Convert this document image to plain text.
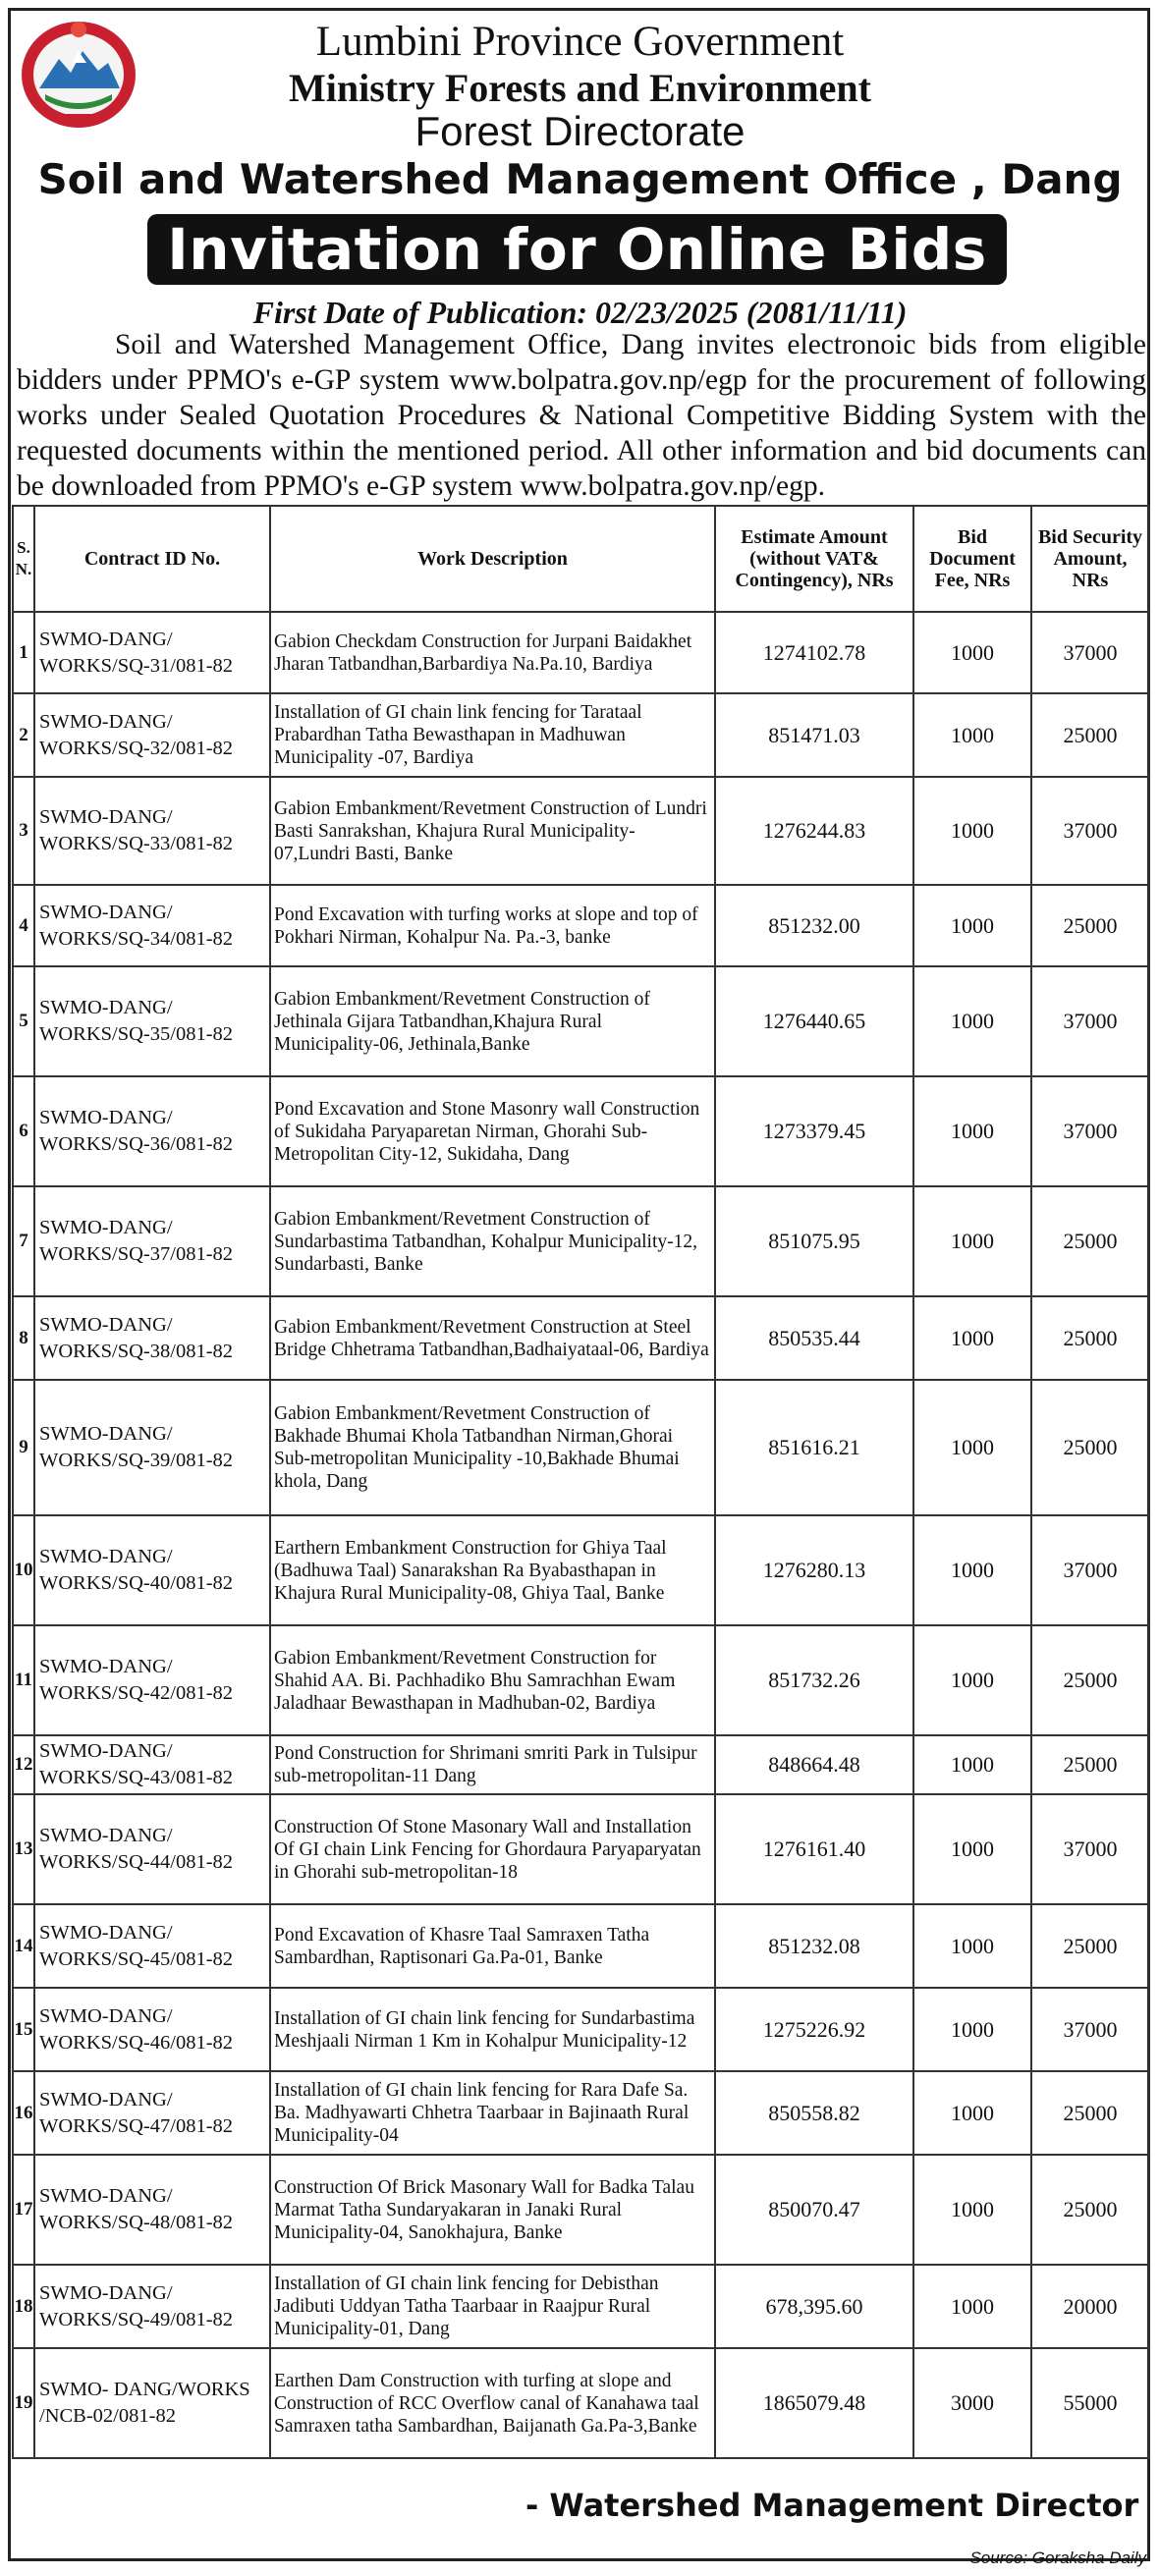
Lumbini Province Government
Ministry Forests and Environment
Forest Directorate
Soil and Watershed Management Office , Dang
Invitation for Online Bids
First Date of Publication: 02/23/2025 (2081/11/11)
Soil and Watershed Management Office, Dang invites electronoic bids from eligible bidders under PPMO's e-GP system www.bolpatra.gov.np/egp for the procurement of following works under Sealed Quotation Procedures & National Competitive Bidding System with the requested documents within the mentioned period. All other information and bid documents can be downloaded from PPMO's e-GP system www.bolpatra.gov.np/egp.
S. N.	Contract ID No.	Work Description	Estimate Amount (without VAT& Contingency), NRs	Bid Document Fee, NRs	Bid Security Amount, NRs
1	SWMO-DANG/ WORKS/SQ-31/081-82	Gabion Checkdam Construction for Jurpani Baidakhet Jharan Tatbandhan,Barbardiya Na.Pa.10, Bardiya	1274102.78	1000	37000
2	SWMO-DANG/ WORKS/SQ-32/081-82	Installation of GI chain link fencing for Tarataal Prabardhan Tatha Bewasthapan in Madhuwan Municipality -07, Bardiya	851471.03	1000	25000
3	SWMO-DANG/ WORKS/SQ-33/081-82	Gabion Embankment/Revetment Construction of Lundri Basti Sanrakshan, Khajura Rural Municipality-07,Lundri Basti, Banke	1276244.83	1000	37000
4	SWMO-DANG/ WORKS/SQ-34/081-82	Pond Excavation with turfing works at slope and top of Pokhari Nirman, Kohalpur Na. Pa.-3, banke	851232.00	1000	25000
5	SWMO-DANG/ WORKS/SQ-35/081-82	Gabion Embankment/Revetment Construction of Jethinala Gijara Tatbandhan,Khajura Rural Municipality-06, Jethinala,Banke	1276440.65	1000	37000
6	SWMO-DANG/ WORKS/SQ-36/081-82	Pond Excavation and Stone Masonry wall Construction of Sukidaha Paryaparetan Nirman, Ghorahi Sub-Metropolitan City-12, Sukidaha, Dang	1273379.45	1000	37000
7	SWMO-DANG/ WORKS/SQ-37/081-82	Gabion Embankment/Revetment Construction of Sundarbastima Tatbandhan, Kohalpur Municipality-12, Sundarbasti, Banke	851075.95	1000	25000
8	SWMO-DANG/ WORKS/SQ-38/081-82	Gabion Embankment/Revetment Construction at Steel Bridge Chhetrama Tatbandhan,Badhaiyataal-06, Bardiya	850535.44	1000	25000
9	SWMO-DANG/ WORKS/SQ-39/081-82	Gabion Embankment/Revetment Construction of Bakhade Bhumai Khola Tatbandhan Nirman,Ghorai Sub-metropolitan Municipality -10,Bakhade Bhumai khola, Dang	851616.21	1000	25000
10	SWMO-DANG/ WORKS/SQ-40/081-82	Earthern Embankment Construction for Ghiya Taal (Badhuwa Taal) Sanarakshan Ra Byabasthapan in Khajura Rural Municipality-08, Ghiya Taal, Banke	1276280.13	1000	37000
11	SWMO-DANG/ WORKS/SQ-42/081-82	Gabion Embankment/Revetment Construction for Shahid AA. Bi. Pachhadiko Bhu Samrachhan Ewam Jaladhaar Bewasthapan in Madhuban-02, Bardiya	851732.26	1000	25000
12	SWMO-DANG/ WORKS/SQ-43/081-82	Pond Construction for Shrimani smriti Park in Tulsipur sub-metropolitan-11 Dang	848664.48	1000	25000
13	SWMO-DANG/ WORKS/SQ-44/081-82	Construction Of Stone Masonary Wall and Installation Of GI chain Link Fencing for Ghordaura Paryaparyatan in Ghorahi sub-metropolitan-18	1276161.40	1000	37000
14	SWMO-DANG/ WORKS/SQ-45/081-82	Pond Excavation of Khasre Taal Samraxen Tatha Sambardhan, Raptisonari Ga.Pa-01, Banke	851232.08	1000	25000
15	SWMO-DANG/ WORKS/SQ-46/081-82	Installation of GI chain link fencing for Sundarbastima Meshjaali Nirman 1 Km in Kohalpur Municipality-12	1275226.92	1000	37000
16	SWMO-DANG/ WORKS/SQ-47/081-82	Installation of GI chain link fencing for Rara Dafe Sa. Ba. Madhyawarti Chhetra Taarbaar in Bajinaath Rural Municipality-04	850558.82	1000	25000
17	SWMO-DANG/ WORKS/SQ-48/081-82	Construction Of Brick Masonary Wall for Badka Talau Marmat Tatha Sundaryakaran in Janaki Rural Municipality-04, Sanokhajura, Banke	850070.47	1000	25000
18	SWMO-DANG/ WORKS/SQ-49/081-82	Installation of GI chain link fencing for Debisthan Jadibuti Uddyan Tatha Taarbaar in Raajpur Rural Municipality-01, Dang	678,395.60	1000	20000
19	SWMO- DANG/WORKS /NCB-02/081-82	Earthen Dam Construction with turfing at slope and Construction of RCC Overflow canal of Kanahawa taal Samraxen tatha Sambardhan, Baijanath Ga.Pa-3,Banke	1865079.48	3000	55000
- Watershed Management Director
Source: Goraksha Daily
